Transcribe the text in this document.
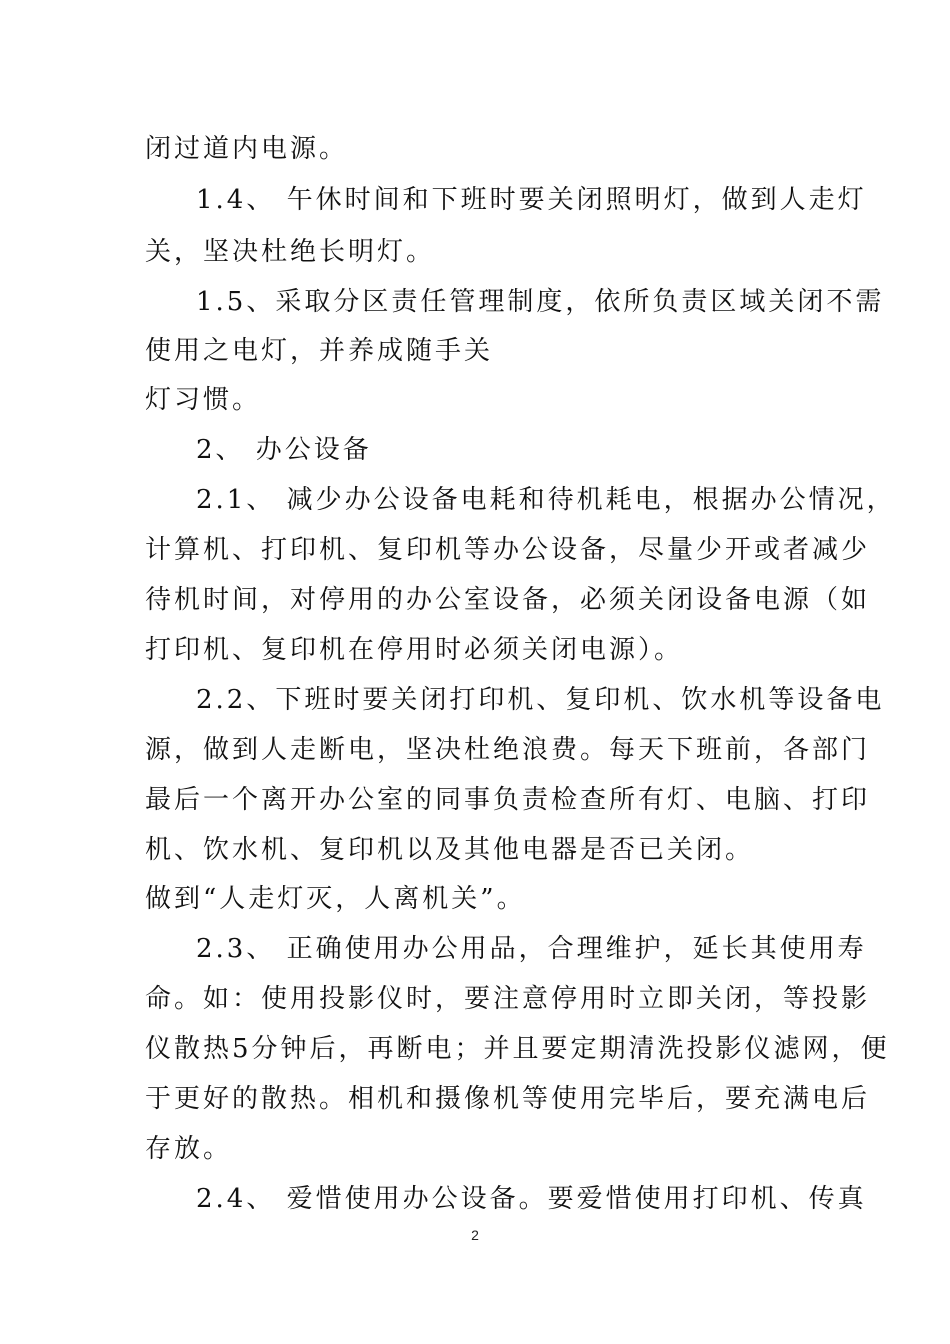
闭过道内电源。
1.4、 午休时间和下班时要关闭照明灯，做到人走灯
关，坚决杜绝长明灯。
1.5、采取分区责任管理制度，依所负责区域关闭不需
使用之电灯，并养成随手关
灯习惯。
2、 办公设备
2.1、 减少办公设备电耗和待机耗电，根据办公情况，
计算机、打印机、复印机等办公设备，尽量少开或者减少
待机时间，对停用的办公室设备，必须关闭设备电源（如
打印机、复印机在停用时必须关闭电源）。
2.2、下班时要关闭打印机、复印机、饮水机等设备电
源，做到人走断电，坚决杜绝浪费。每天下班前，各部门
最后一个离开办公室的同事负责检查所有灯、电脑、打印
机、饮水机、复印机以及其他电器是否已关闭。
做到“人走灯灭，人离机关”。
2.3、 正确使用办公用品，合理维护，延长其使用寿
命。如：使用投影仪时，要注意停用时立即关闭，等投影
仪散热5分钟后，再断电；并且要定期清洗投影仪滤网，便
于更好的散热。相机和摄像机等使用完毕后，要充满电后
存放。
2.4、 爱惜使用办公设备。要爱惜使用打印机、传真
2
